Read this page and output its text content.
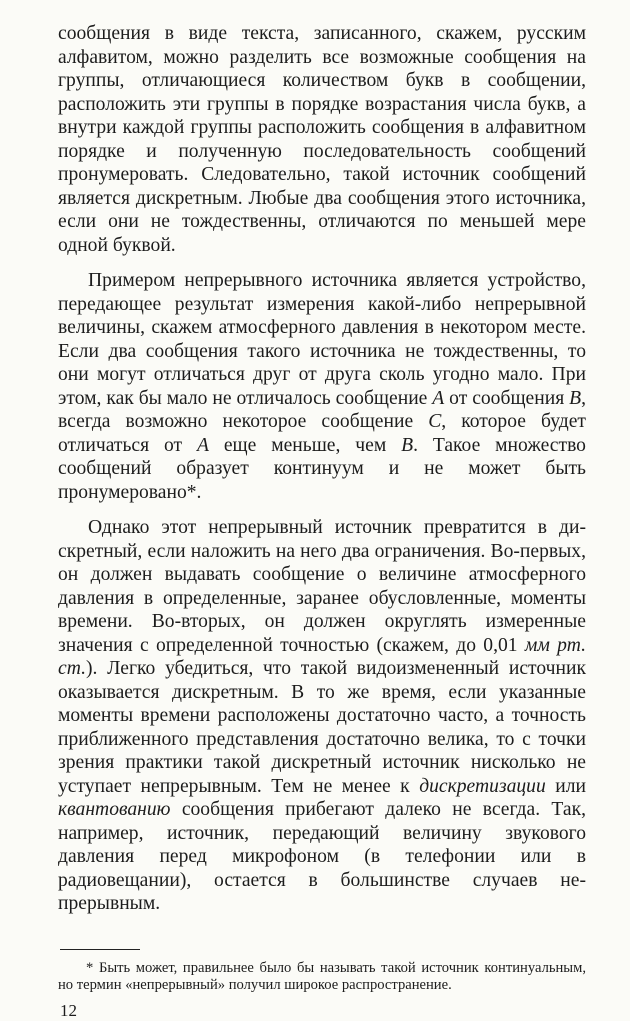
сообщения в виде текста, записанного, скажем, русским алфавитом, можно разделить все возможные сообщения на группы, отличающиеся количеством букв в сообщении, расположить эти группы в порядке возрастания числа букв, а внутри каждой группы расположить сообщения в алфавитном порядке и полученную последовательность сообщений пронумеровать. Следовательно, такой источник сообщений является дискретным. Любые два сообщения этого источника, если они не тождественны, отличаются по меньшей мере одной буквой.

Примером непрерывного источника является устройство, передающее результат измерения какой-либо непрерывной величины, скажем атмосферного давления в некотором месте. Если два сообщения такого источника не тождественны, то они могут отличаться друг от друга сколь угодно мало. При этом, как бы мало не отличалось сообщение A от сообщения B, всегда возможно некоторое сообщение C, которое будет отличаться от A еще меньше, чем B. Такое множество сообщений образует континуум и не может быть пронумеровано*.

Однако этот непрерывный источник превратится в дискретный, если наложить на него два ограничения. Во-первых, он должен выдавать сообщение о величине атмосферного давления в определенные, заранее обусловленные, моменты времени. Во-вторых, он должен округлять измеренные значения с определенной точностью (скажем, до 0,01 мм рт. ст.). Легко убедиться, что такой видоизмененный источник оказывается дискретным. В то же время, если указанные моменты времени расположены достаточно часто, а точность приближенного представления достаточно велика, то с точки зрения практики такой дискретный источник нисколько не уступает непрерывным. Тем не менее к дискретизации или квантованию сообщения прибегают далеко не всегда. Так, например, источник, передающий величину звукового давления перед микрофоном (в телефонии или в радиовещании), остается в большинстве случаев непрерывным.

* Быть может, правильнее было бы называть такой источник континуальным, но термин «непрерывный» получил широкое распространение.

12
